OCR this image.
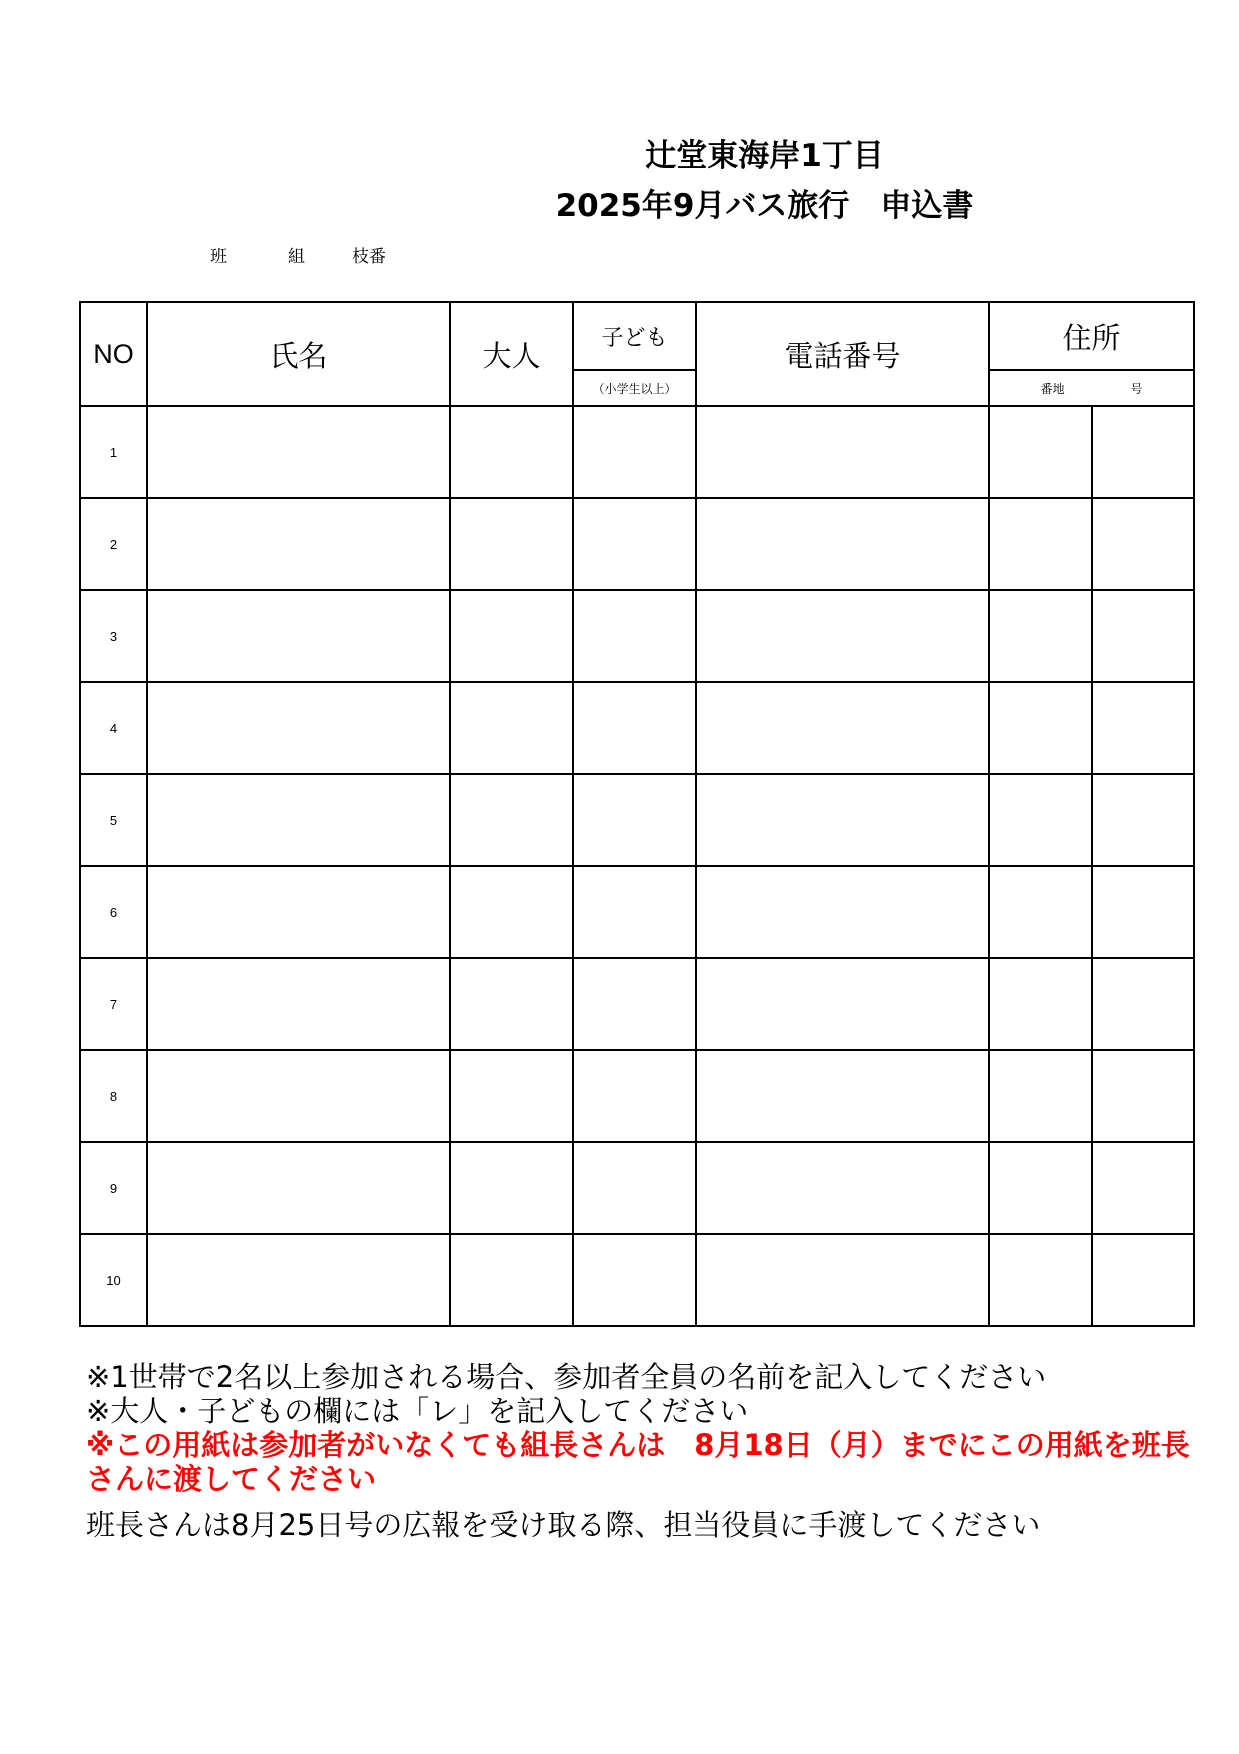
辻堂東海岸1丁目
2025年9月バス旅行　申込書
班	組	枝番
NO	氏名	大人	子ども	電話番号	住所	
			（小学生以上）		番地 号	
1						
2						
3						
4						
5						
6						
7						
8						
9						
10						
※1世帯で2名以上参加される場合、参加者全員の名前を記入してください
※大人・子どもの欄には「レ」を記入してください
※この用紙は参加者がいなくても組長さんは　8月18日（月）までにこの用紙を班長さんに渡してください
班長さんは8月25日号の広報を受け取る際、担当役員に手渡してください
